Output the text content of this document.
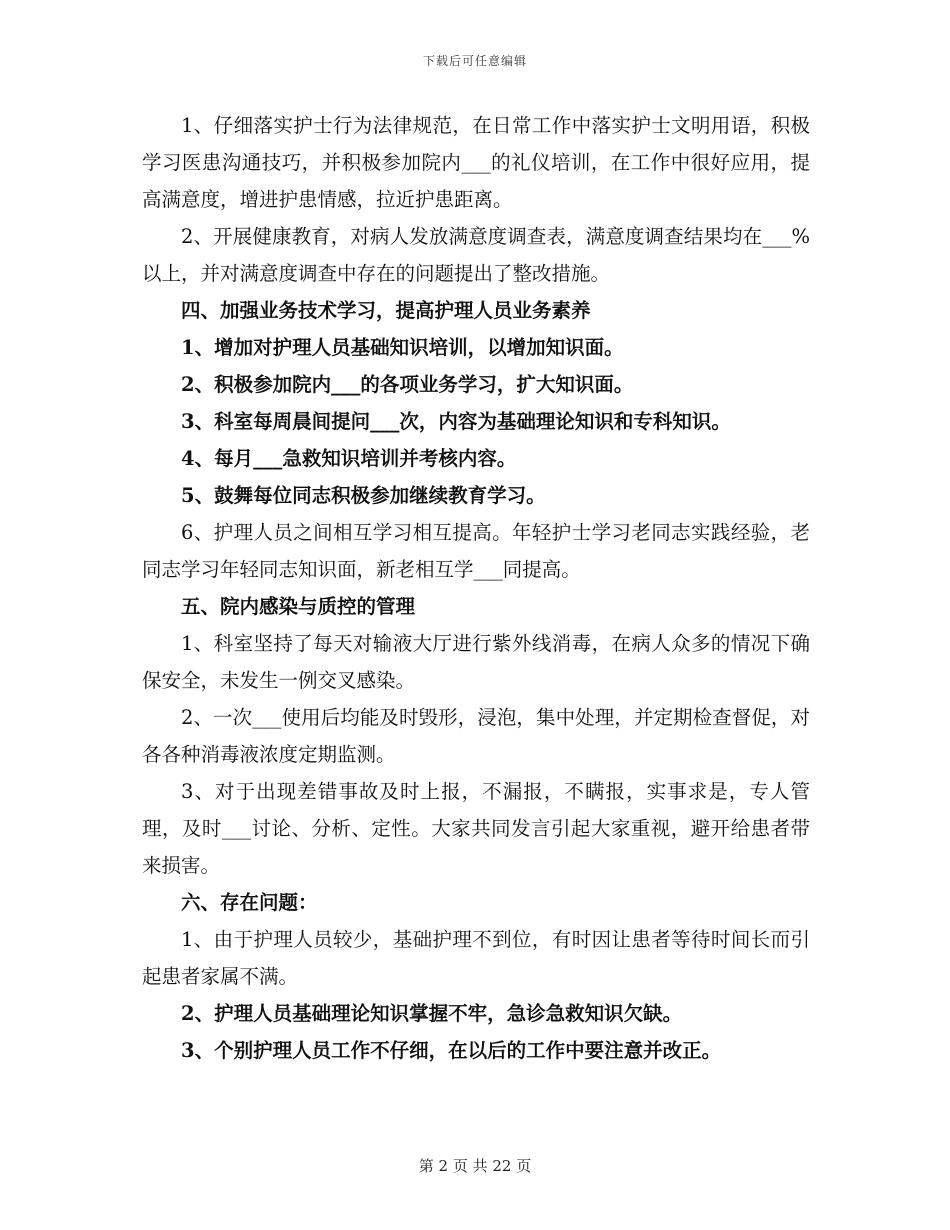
下载后可任意编辑

1、仔细落实护士行为法律规范，在日常工作中落实护士文明用语，积极学习医患沟通技巧，并积极参加院内___的礼仪培训，在工作中很好应用，提高满意度，增进护患情感，拉近护患距离。

2、开展健康教育，对病人发放满意度调查表，满意度调查结果均在___%以上，并对满意度调查中存在的问题提出了整改措施。

四、加强业务技术学习，提高护理人员业务素养

1、增加对护理人员基础知识培训，以增加知识面。

2、积极参加院内___的各项业务学习，扩大知识面。

3、科室每周晨间提问___次，内容为基础理论知识和专科知识。

4、每月___急救知识培训并考核内容。

5、鼓舞每位同志积极参加继续教育学习。

6、护理人员之间相互学习相互提高。年轻护士学习老同志实践经验，老同志学习年轻同志知识面，新老相互学___同提高。

五、院内感染与质控的管理

1、科室坚持了每天对输液大厅进行紫外线消毒，在病人众多的情况下确保安全，未发生一例交叉感染。

2、一次___使用后均能及时毁形，浸泡，集中处理，并定期检查督促，对各各种消毒液浓度定期监测。

3、对于出现差错事故及时上报，不漏报，不瞒报，实事求是，专人管理，及时___讨论、分析、定性。大家共同发言引起大家重视，避开给患者带来损害。

六、存在问题：

1、由于护理人员较少，基础护理不到位，有时因让患者等待时间长而引起患者家属不满。

2、护理人员基础理论知识掌握不牢，急诊急救知识欠缺。

3、个别护理人员工作不仔细，在以后的工作中要注意并改正。

第 2 页 共 22 页
